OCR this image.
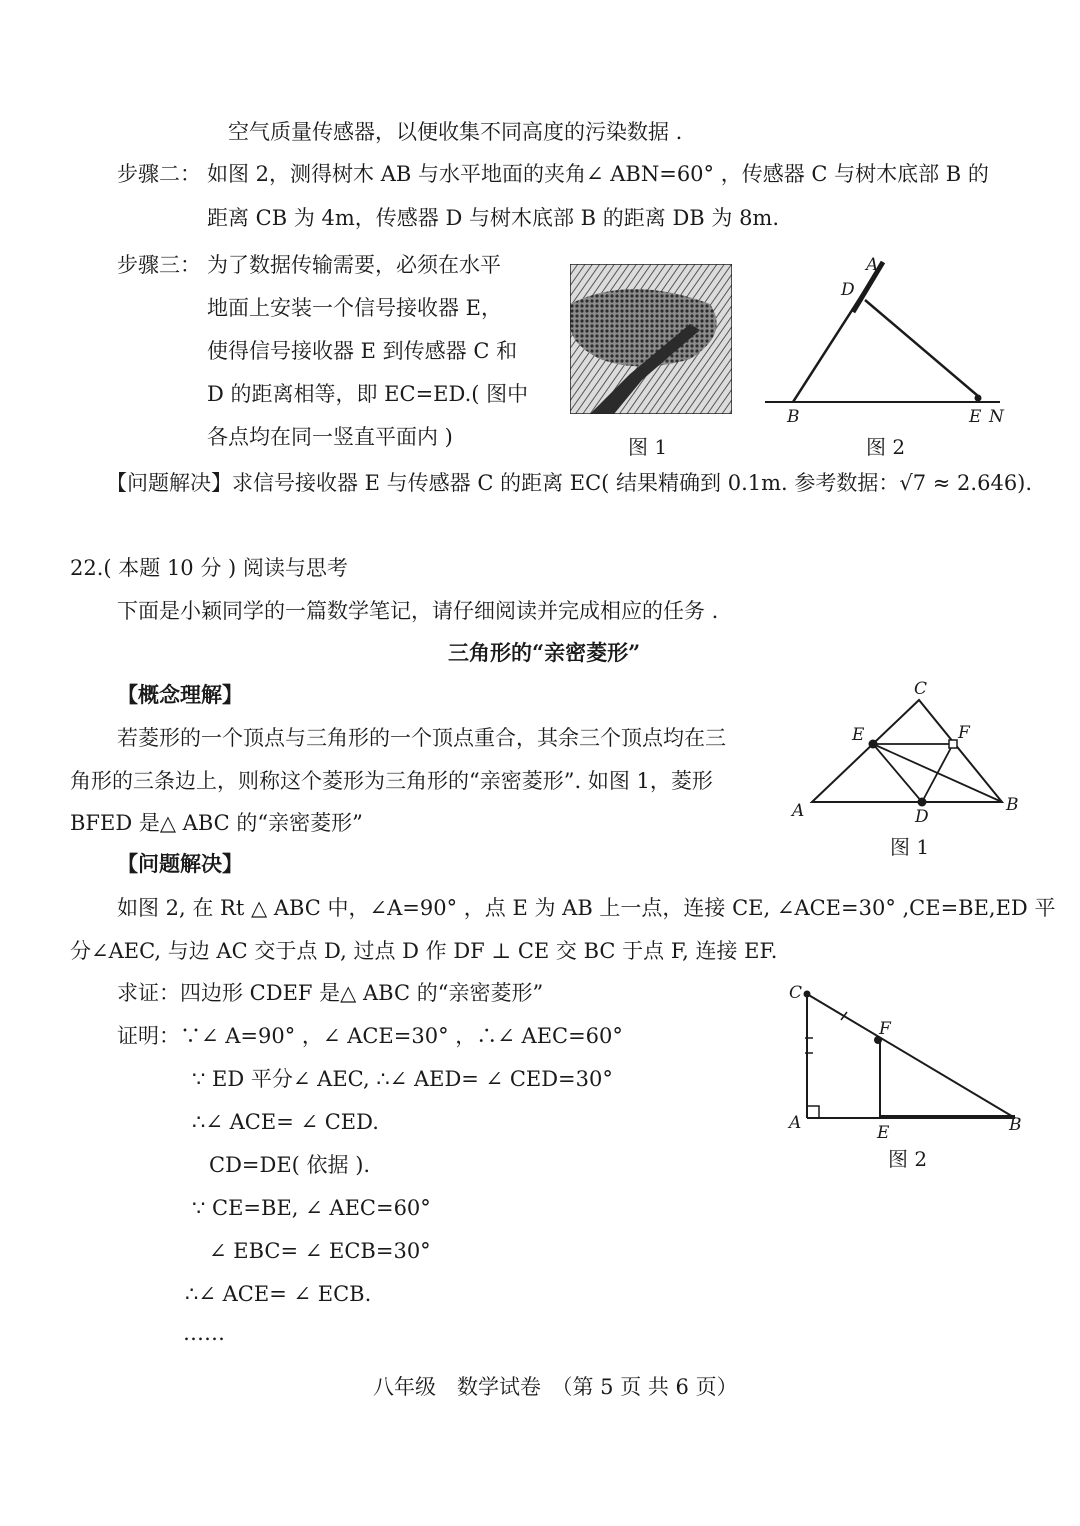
空气质量传感器，以便收集不同高度的污染数据 .
步骤二： 如图 2，测得树木 AB 与水平地面的夹角∠ ABN=60° ，传感器 C 与树木底部 B 的
距离 CB 为 4m，传感器 D 与树木底部 B 的距离 DB 为 8m.
步骤三： 为了数据传输需要，必须在水平
地面上安装一个信号接收器 E，
使得信号接收器 E 到传感器 C 和
D 的距离相等，即 EC=ED.( 图中
各点均在同一竖直平面内 )	图 1
A
D
B	E N
图 2
【问题解决】求信号接收器 E 与传感器 C 的距离 EC( 结果精确到 0.1m. 参考数据：√7 ≈ 2.646).
22.( 本题 10 分 ) 阅读与思考
下面是小颖同学的一篇数学笔记，请仔细阅读并完成相应的任务 .
三角形的“亲密菱形”
【概念理解】
若菱形的一个顶点与三角形的一个顶点重合，其余三个顶点均在三
角形的三条边上，则称这个菱形为三角形的“亲密菱形”. 如图 1，菱形
BFED 是△ ABC 的“亲密菱形”
C
E	F
A	D
B
图 1
【问题解决】
如图 2, 在 Rt △ ABC 中，∠A=90° ，点 E 为 AB 上一点，连接 CE, ∠ACE=30° ,CE=BE,ED 平
分∠AEC, 与边 AC 交于点 D, 过点 D 作 DF ⊥ CE 交 BC 于点 F, 连接 EF.
求证：四边形 CDEF 是△ ABC 的“亲密菱形”
证明：∵∠ A=90° ，∠ ACE=30° ，∴∠ AEC=60°
∵ ED 平分∠ AEC, ∴∠ AED= ∠ CED=30°
∴∠ ACE= ∠ CED.
CD=DE( 依据 ).
∵ CE=BE, ∠ AEC=60°
∠ EBC= ∠ ECB=30°
∴∠ ACE= ∠ ECB.
……
C
F
A	E	B
图 2
八年级　数学试卷　（第 5 页 共 6 页）
